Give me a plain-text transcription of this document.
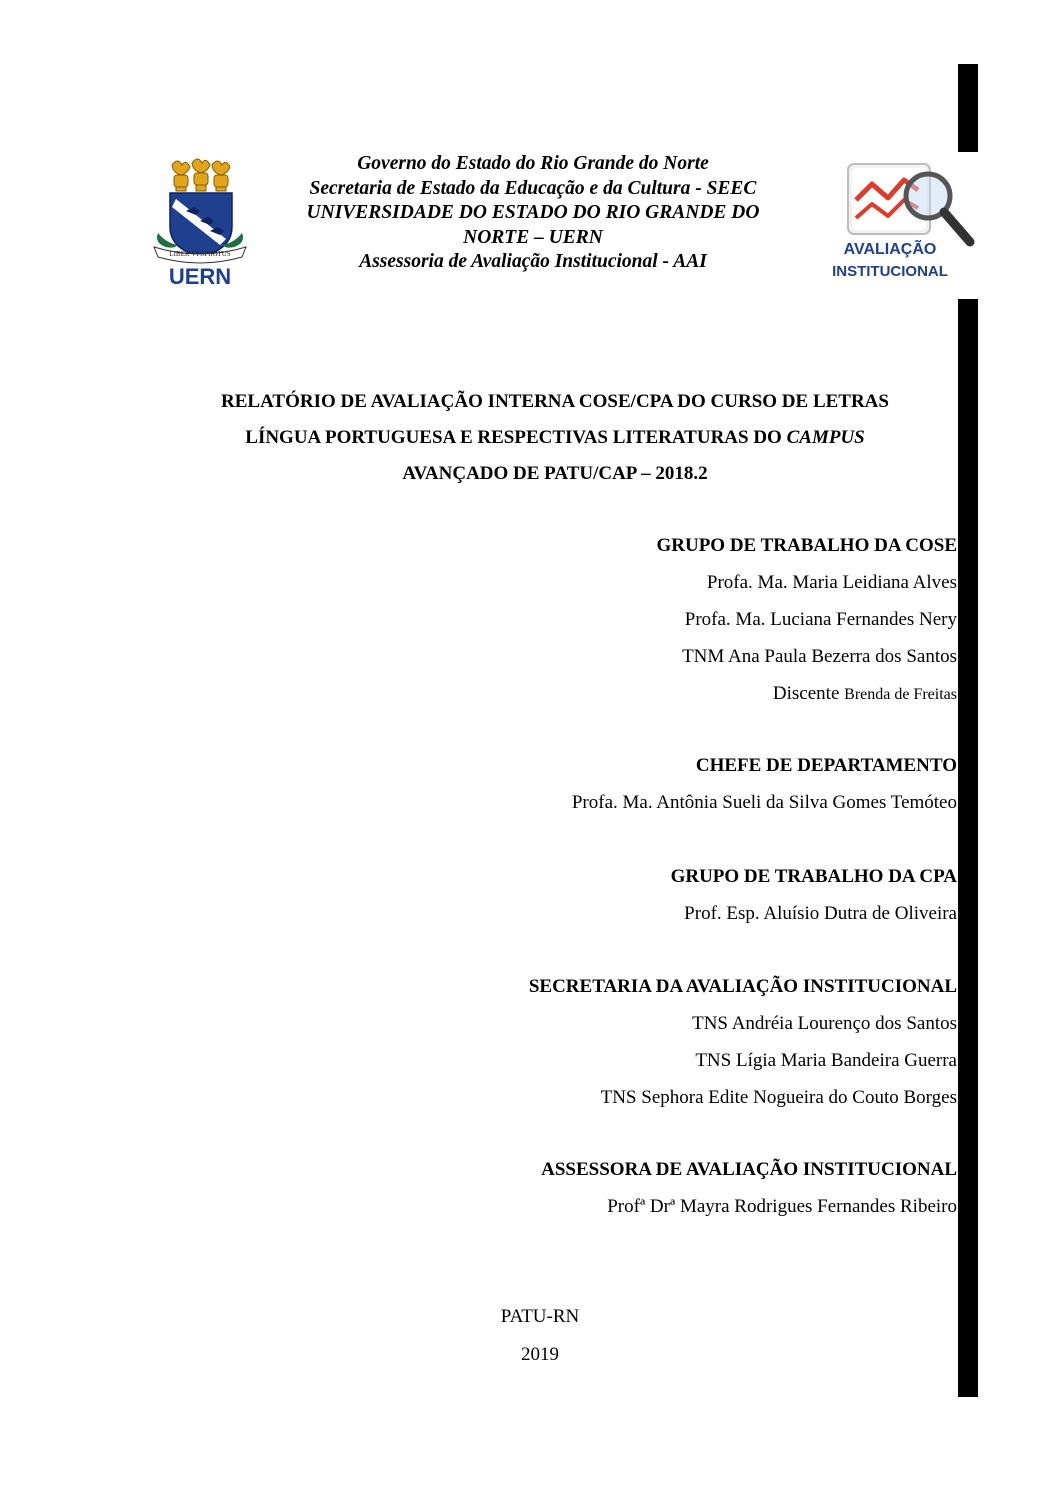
LIBER VI SPIRITUS
UERN
Governo do Estado do Rio Grande do Norte
Secretaria de Estado da Educação e da Cultura - SEEC
UNIVERSIDADE DO ESTADO DO RIO GRANDE DO
NORTE – UERN
Assessoria de Avaliação Institucional - AAI
AVALIAÇÃO
INSTITUCIONAL
RELATÓRIO DE AVALIAÇÃO INTERNA COSE/CPA DO CURSO DE LETRAS
LÍNGUA PORTUGUESA E RESPECTIVAS LITERATURAS DO CAMPUS
AVANÇADO DE PATU/CAP – 2018.2
GRUPO DE TRABALHO DA COSE
Profa. Ma. Maria Leidiana Alves
Profa. Ma. Luciana Fernandes Nery
TNM Ana Paula Bezerra dos Santos
Discente Brenda de Freitas
CHEFE DE DEPARTAMENTO
Profa. Ma. Antônia Sueli da Silva Gomes Temóteo
GRUPO DE TRABALHO DA CPA
Prof. Esp. Aluísio Dutra de Oliveira
SECRETARIA DA AVALIAÇÃO INSTITUCIONAL
TNS Andréia Lourenço dos Santos
TNS Lígia Maria Bandeira Guerra
TNS Sephora Edite Nogueira do Couto Borges
ASSESSORA DE AVALIAÇÃO INSTITUCIONAL
Profª Drª Mayra Rodrigues Fernandes Ribeiro
PATU-RN
2019
